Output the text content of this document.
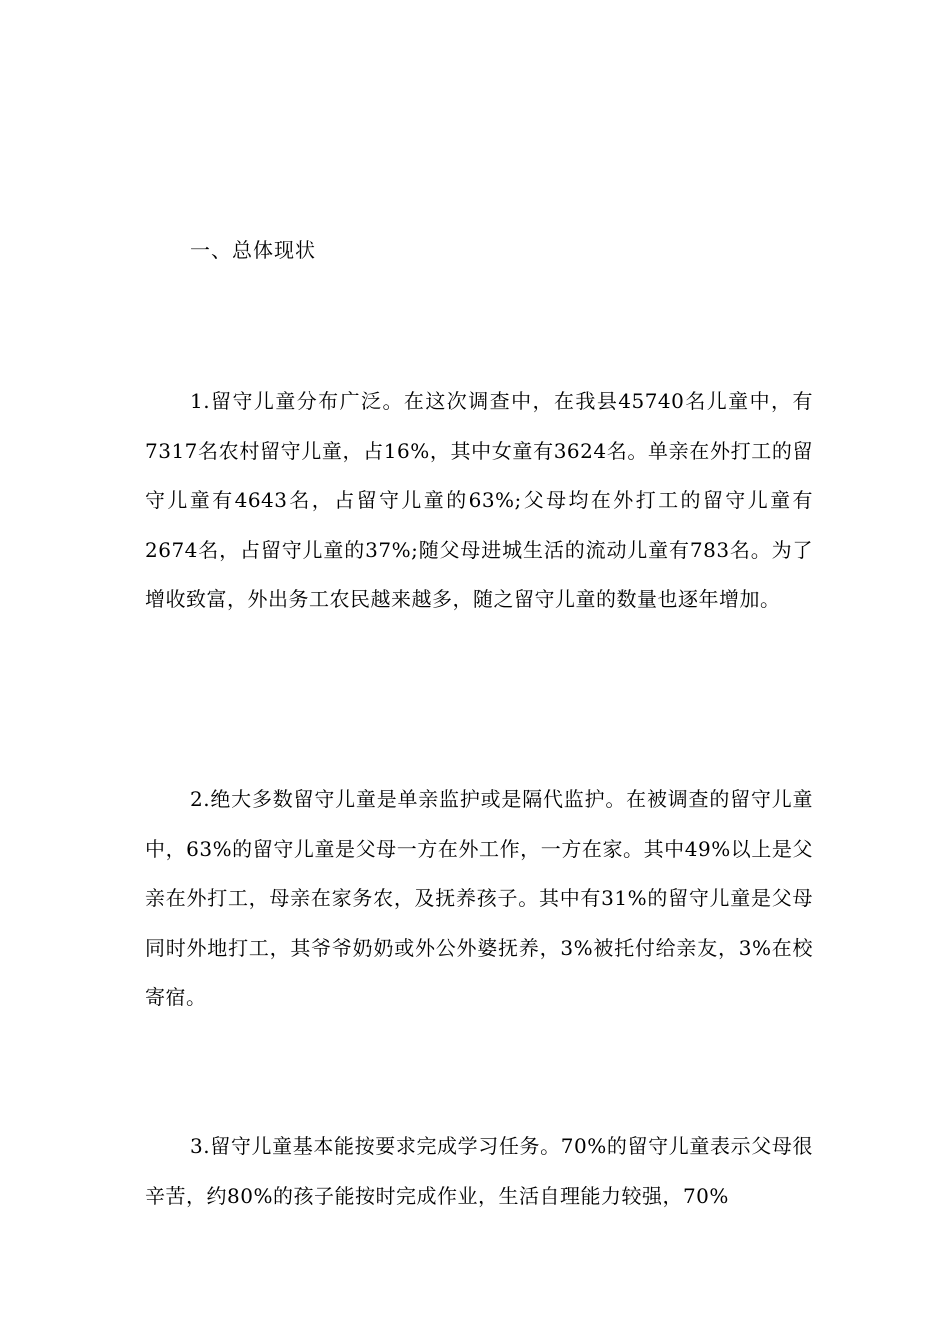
一、总体现状

1.留守儿童分布广泛。在这次调查中，在我县45740名儿童中，有7317名农村留守儿童，占16%，其中女童有3624名。单亲在外打工的留守儿童有4643名，占留守儿童的63%;父母均在外打工的留守儿童有2674名，占留守儿童的37%;随父母进城生活的流动儿童有783名。为了增收致富，外出务工农民越来越多，随之留守儿童的数量也逐年增加。

2.绝大多数留守儿童是单亲监护或是隔代监护。在被调查的留守儿童中，63%的留守儿童是父母一方在外工作，一方在家。其中49%以上是父亲在外打工，母亲在家务农，及抚养孩子。其中有31%的留守儿童是父母同时外地打工，其爷爷奶奶或外公外婆抚养，3%被托付给亲友，3%在校寄宿。

3.留守儿童基本能按要求完成学习任务。70%的留守儿童表示父母很辛苦，约80%的孩子能按时完成作业，生活自理能力较强，70%
